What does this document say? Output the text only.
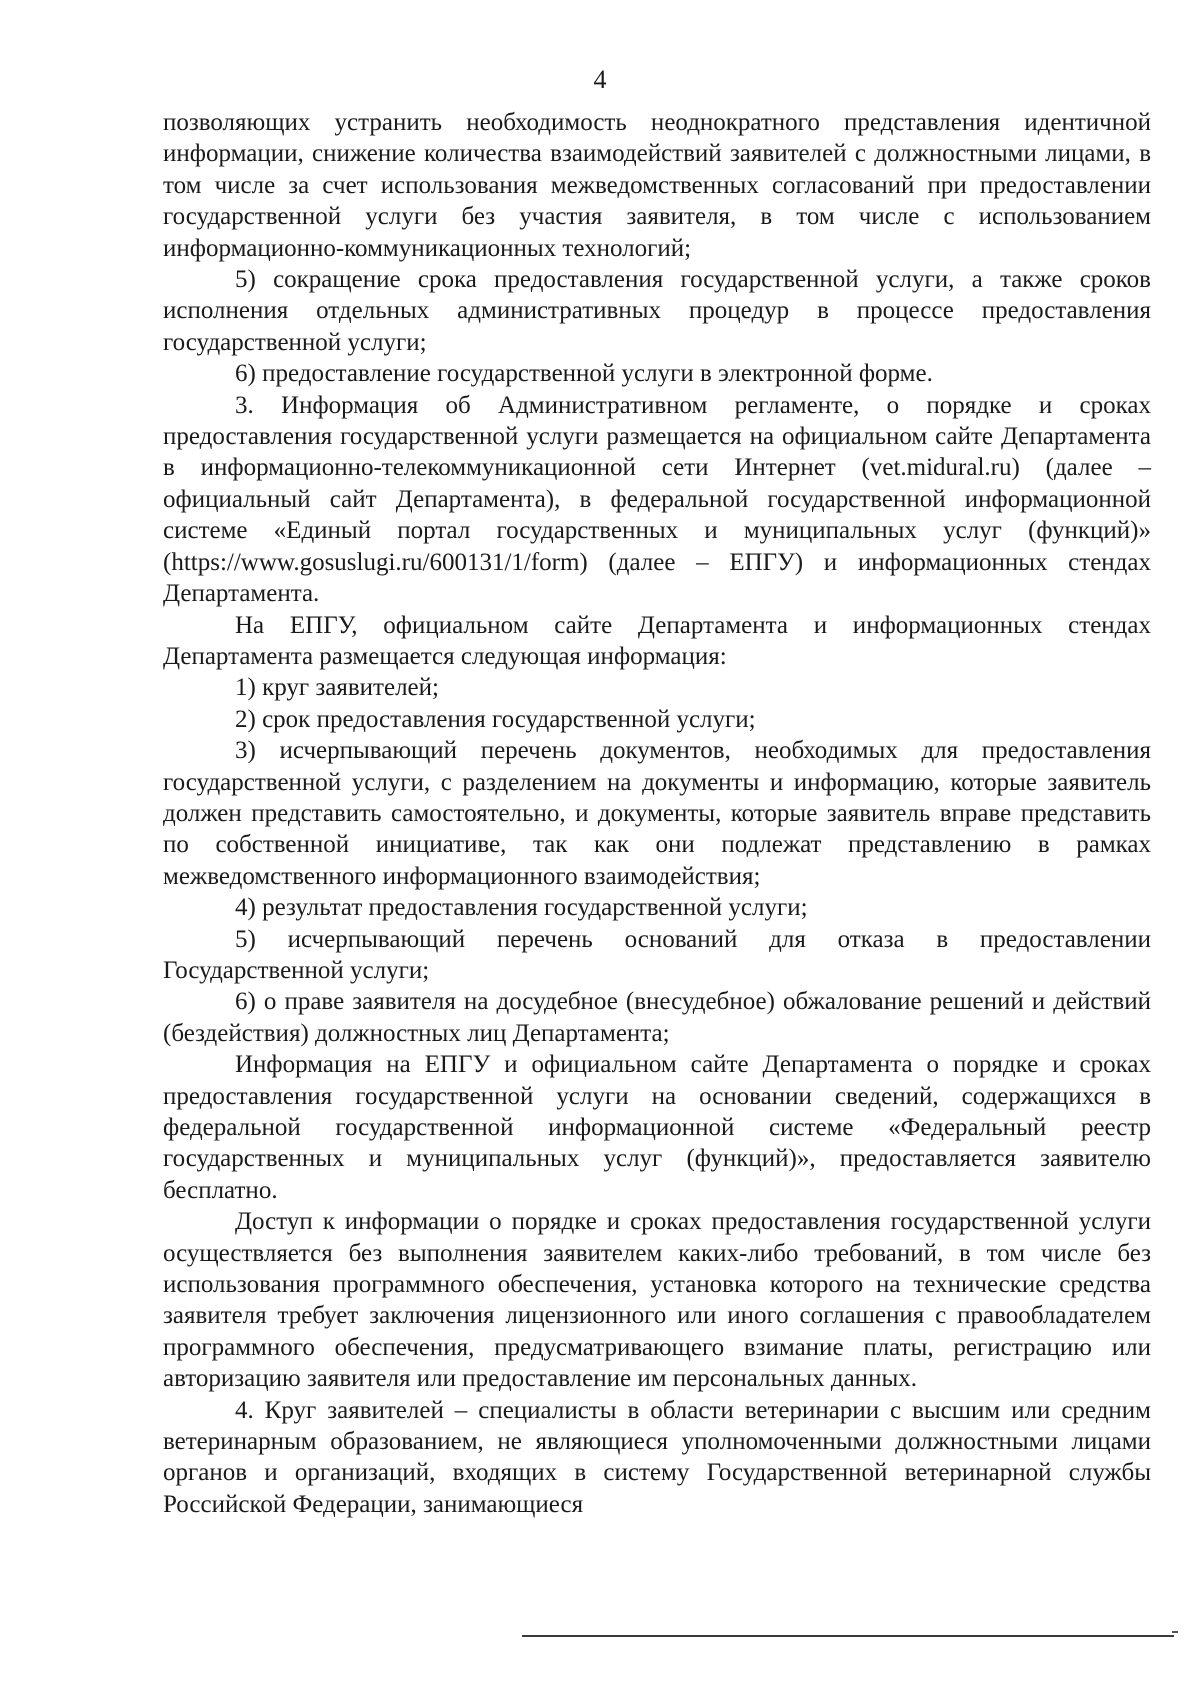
4

позволяющих устранить необходимость неоднократного представления идентичной информации, снижение количества взаимодействий заявителей с должностными лицами, в том числе за счет использования межведомственных согласований при предоставлении государственной услуги без участия заявителя, в том числе с использованием информационно-коммуникационных технологий;

5) сокращение срока предоставления государственной услуги, а также сроков исполнения отдельных административных процедур в процессе предоставления государственной услуги;

6) предоставление государственной услуги в электронной форме.

3. Информация об Административном регламенте, о порядке и сроках предоставления государственной услуги размещается на официальном сайте Департамента в информационно-телекоммуникационной сети Интернет (vet.midural.ru) (далее – официальный сайт Департамента), в федеральной государственной информационной системе «Единый портал государственных и муниципальных услуг (функций)» (https://www.gosuslugi.ru/600131/1/form) (далее – ЕПГУ) и информационных стендах Департамента.

На ЕПГУ, официальном сайте Департамента и информационных стендах Департамента размещается следующая информация:

1) круг заявителей;

2) срок предоставления государственной услуги;

3) исчерпывающий перечень документов, необходимых для предоставления государственной услуги, с разделением на документы и информацию, которые заявитель должен представить самостоятельно, и документы, которые заявитель вправе представить по собственной инициативе, так как они подлежат представлению в рамках межведомственного информационного взаимодействия;

4) результат предоставления государственной услуги;

5) исчерпывающий перечень оснований для отказа в предоставлении Государственной услуги;

6) о праве заявителя на досудебное (внесудебное) обжалование решений и действий (бездействия) должностных лиц Департамента;

Информация на ЕПГУ и официальном сайте Департамента о порядке и сроках предоставления государственной услуги на основании сведений, содержащихся в федеральной государственной информационной системе «Федеральный реестр государственных и муниципальных услуг (функций)», предоставляется заявителю бесплатно.

Доступ к информации о порядке и сроках предоставления государственной услуги осуществляется без выполнения заявителем каких-либо требований, в том числе без использования программного обеспечения, установка которого на технические средства заявителя требует заключения лицензионного или иного соглашения с правообладателем программного обеспечения, предусматривающего взимание платы, регистрацию или авторизацию заявителя или предоставление им персональных данных.

4. Круг заявителей – специалисты в области ветеринарии с высшим или средним ветеринарным образованием, не являющиеся уполномоченными должностными лицами органов и организаций, входящих в систему Государственной ветеринарной службы Российской Федерации, занимающиеся
